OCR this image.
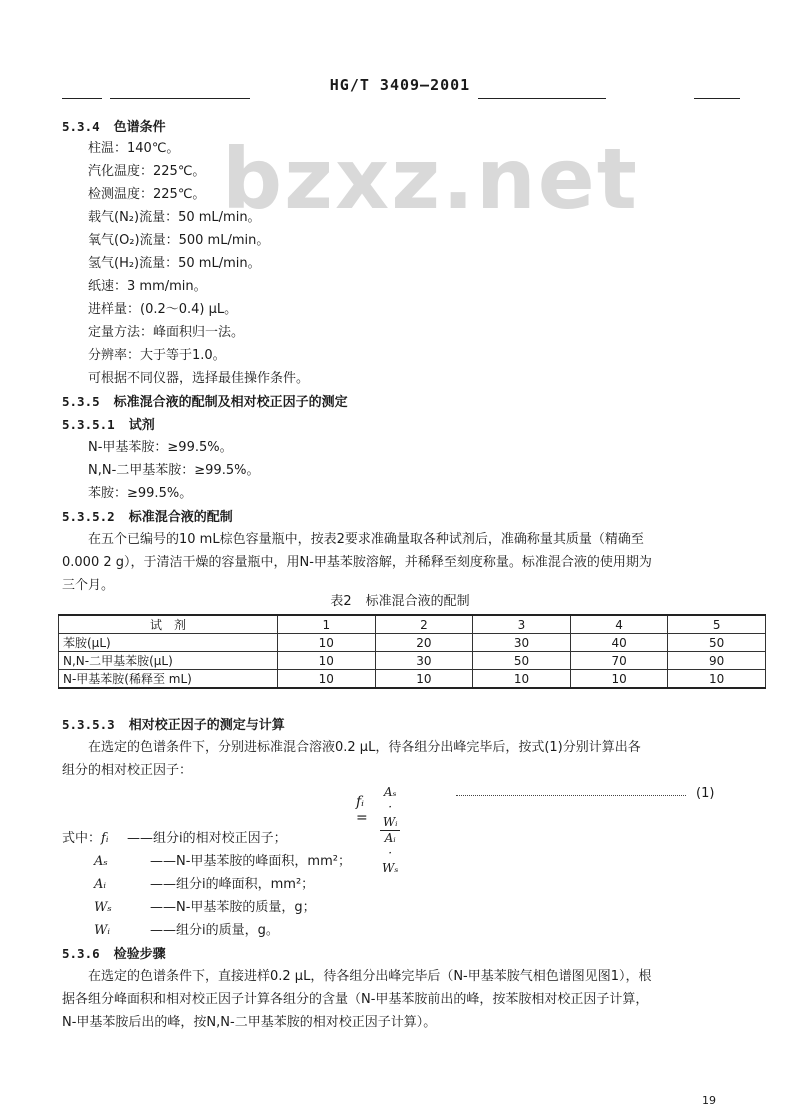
HG/T 3409—2001
bzxz.net
5.3.4 色谱条件
柱温：140℃。
汽化温度：225℃。
检测温度：225℃。
载气(N₂)流量：50 mL/min。
氧气(O₂)流量：500 mL/min。
氢气(H₂)流量：50 mL/min。
纸速：3 mm/min。
进样量：(0.2～0.4) μL。
定量方法：峰面积归一法。
分辨率：大于等于1.0。
可根据不同仪器，选择最佳操作条件。
5.3.5 标准混合液的配制及相对校正因子的测定
5.3.5.1 试剂
N-甲基苯胺：≥99.5%。
N,N-二甲基苯胺：≥99.5%。
苯胺：≥99.5%。
5.3.5.2 标准混合液的配制
在五个已编号的10 mL棕色容量瓶中，按表2要求准确量取各种试剂后，准确称量其质量（精确至
0.000 2 g），于清洁干燥的容量瓶中，用N-甲基苯胺溶解，并稀释至刻度称量。标准混合液的使用期为
三个月。
表2 标准混合液的配制
试　剂	1	2	3	4	5
苯胺(μL)	10	20	30	40	50
N,N-二甲基苯胺(μL)	10	30	50	70	90
N-甲基苯胺(稀释至 mL)	10	10	10	10	10
5.3.5.3 相对校正因子的测定与计算
在选定的色谱条件下，分别进标准混合溶液0.2 μL，待各组分出峰完毕后，按式(1)分别计算出各
组分的相对校正因子：
fᵢ = $\frac{\text{Aₛ · Wᵢ}}{\text{Aᵢ · Wₛ}}$	(1)
式中：fᵢ ——组分i的相对校正因子；
Aₛ	——N-甲基苯胺的峰面积，mm²；
Aᵢ	——组分i的峰面积，mm²；
Wₛ	——N-甲基苯胺的质量，g；
Wᵢ	——组分i的质量，g。
5.3.6 检验步骤
在选定的色谱条件下，直接进样0.2 μL，待各组分出峰完毕后（N-甲基苯胺气相色谱图见图1），根
据各组分峰面积和相对校正因子计算各组分的含量（N-甲基苯胺前出的峰，按苯胺相对校正因子计算，
N-甲基苯胺后出的峰，按N,N-二甲基苯胺的相对校正因子计算）。
19
